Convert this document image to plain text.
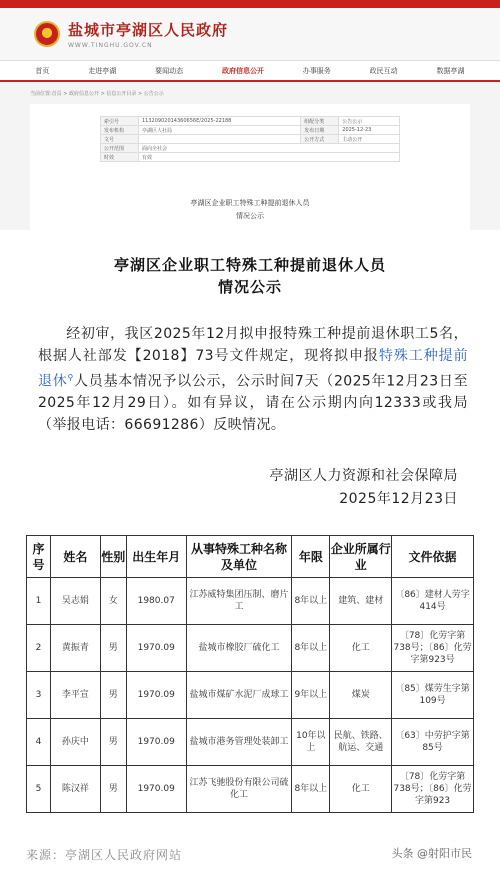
盐城市亭湖区人民政府
WWW.TINGHU.GOV.CN
首页	走进亭湖	要闻动态	政府信息公开	办事服务	政民互动	数据亭湖
当前位置:首页 > 政府信息公开 > 信息公开目录 > 公告公示
索引号	11320902014360656E/2025-22188	组配分类	公告公示
发布机构	亭湖区人社局	发布日期	2025-12-23
文号		公开方式	主动公开
公开范围	面向全社会		
时效	有效		
亭湖区企业职工特殊工种提前退休人员
情况公示
亭湖区企业职工特殊工种提前退休人员
情况公示
经初审，我区2025年12月拟申报特殊工种提前退休职工5名，根据人社部发【2018】73号文件规定，现将拟申报特殊工种提前退休⚲人员基本情况予以公示，公示时间7天（2025年12月23日至2025年12月29日）。如有异议，请在公示期内向12333或我局（举报电话：66691286）反映情况。
亭湖区人力资源和社会保障局
2025年12月23日
序号	姓名	性别	出生年月	从事特殊工种名称及单位	年限	企业所属行业	文件依据
1	吴志娟	女	1980.07	江苏威特集团压制、磨片工	8年以上	建筑、建材	〔86〕建材人劳字414号
2	黄振青	男	1970.09	盐城市橡胶厂硫化工	8年以上	化工	〔78〕化劳字第738号；〔86〕化劳字第923号
3	李平宣	男	1970.09	盐城市煤矿水泥厂成球工	9年以上	煤炭	〔85〕煤劳生字第109号
4	孙庆中	男	1970.09	盐城市港务管理处装卸工	10年以上	民航、铁路、航运、交通	〔63〕中劳护字第85号
5	陈汉祥	男	1970.09	江苏飞驰股份有限公司硫化工	8年以上	化工	〔78〕化劳字第738号；〔86〕化劳字第923
来源：亭湖区人民政府网站	头条 @射阳市民
